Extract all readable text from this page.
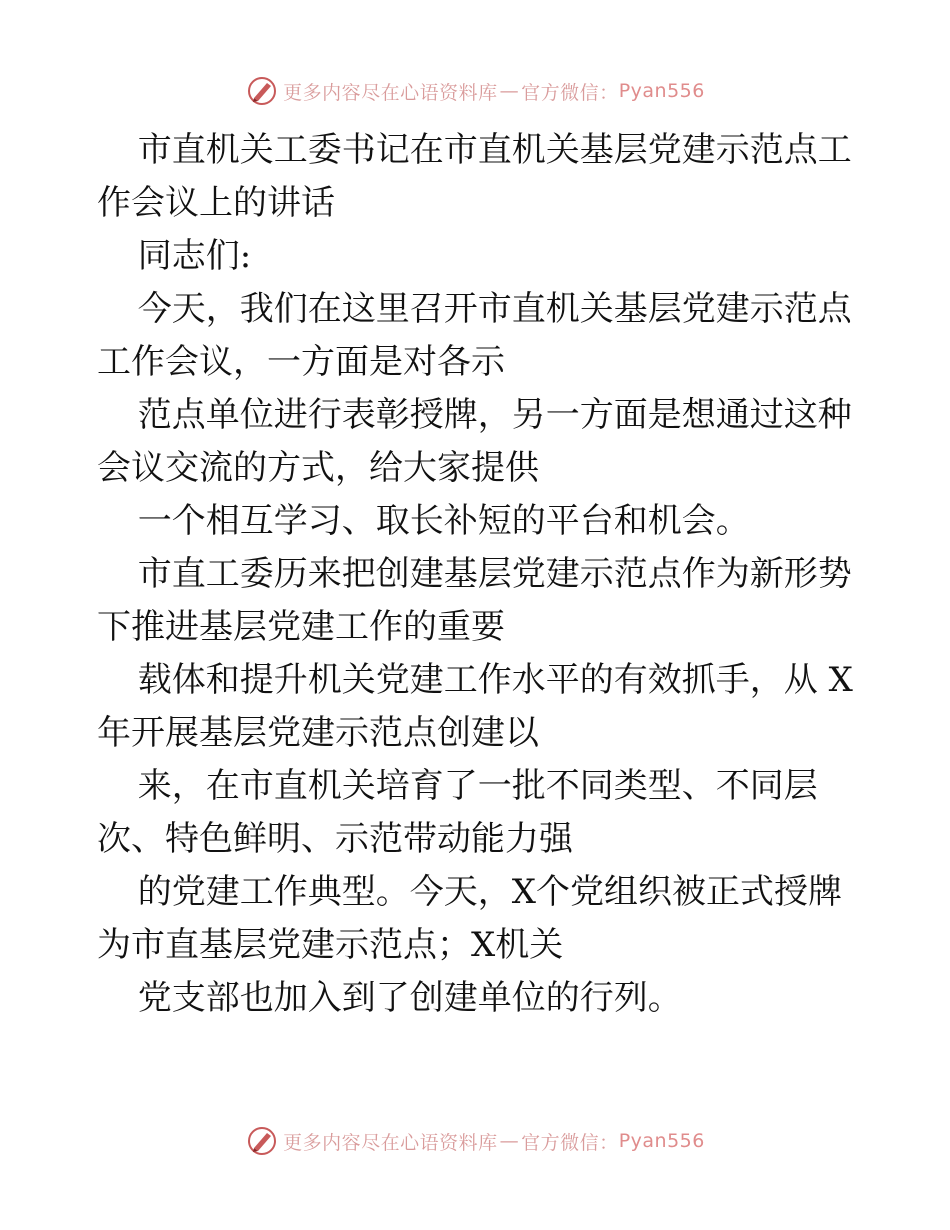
更多内容尽在心语资料库 — 官方微信： Pyan556

市直机关工委书记在市直机关基层党建示范点工
作会议上的讲话

同志们:

今天，我们在这里召开市直机关基层党建示范点
工作会议，一方面是对各示

范点单位进行表彰授牌，另一方面是想通过这种
会议交流的方式，给大家提供

一个相互学习、取长补短的平台和机会。

市直工委历来把创建基层党建示范点作为新形势
下推进基层党建工作的重要

载体和提升机关党建工作水平的有效抓手，从 X
年开展基层党建示范点创建以

来，在市直机关培育了一批不同类型、不同层
次、特色鲜明、示范带动能力强

的党建工作典型。今天，X个党组织被正式授牌
为市直基层党建示范点；X机关

党支部也加入到了创建单位的行列。

更多内容尽在心语资料库 — 官方微信： Pyan556
